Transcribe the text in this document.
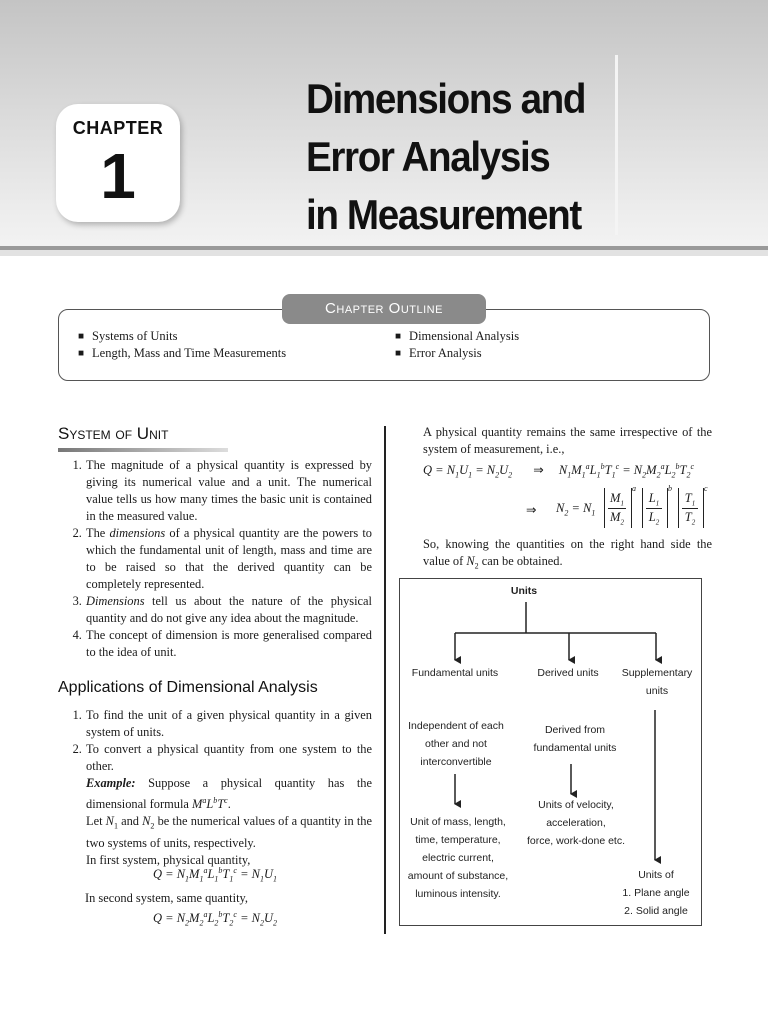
CHAPTER
1
Dimensions and
Error Analysis
in Measurement
Chapter Outline
■ Systems of Units
■ Length, Mass and Time Measurements
■ Dimensional Analysis
■ Error Analysis
System of Unit
1. The magnitude of a physical quantity is expressed by giving its numerical value and a unit. The numerical value tells us how many times the basic unit is contained in the measured value.
2. The dimensions of a physical quantity are the powers to which the fundamental unit of length, mass and time are to be raised so that the derived quantity can be completely represented.
3. Dimensions tell us about the nature of the physical quantity and do not give any idea about the magnitude.
4. The concept of dimension is more generalised compared to the idea of unit.
Applications of Dimensional Analysis
1. To find the unit of a given physical quantity in a given system of units.
2. To convert a physical quantity from one system to the other.
Example: Suppose a physical quantity has the dimensional formula $M^aL^bT^c$.
Let $N_1$ and $N_2$ be the numerical values of a quantity in the two systems of units, respectively.
In first system, physical quantity,
$Q = N_1M_1^aL_1^bT_1^c = N_1U_1$
In second system, same quantity,
$Q = N_2M_2^aL_2^bT_2^c = N_2U_2$
A physical quantity remains the same irrespective of the system of measurement, i.e.,
$Q = N_1U_1 = N_2U_2$ ⇒ $N_1M_1^aL_1^bT_1^c = N_2M_2^aL_2^bT_2^c$
⇒ $N_2 = N_1$
$M_1$
$M_2$
a
$L_1$
$L_2$
b
$T_1$
$T_2$
c
So, knowing the quantities on the right hand side the value of $N_2$ can be obtained.
Units
Fundamental units	Derived units	Supplementary
units
Independent of each
other and not
interconvertible
Derived from
fundamental units
Unit of mass, length,
time, temperature,
electric current,
amount of substance,
luminous intensity.
Units of velocity,
acceleration,
force, work-done etc.
Units of
1. Plane angle
2. Solid angle
